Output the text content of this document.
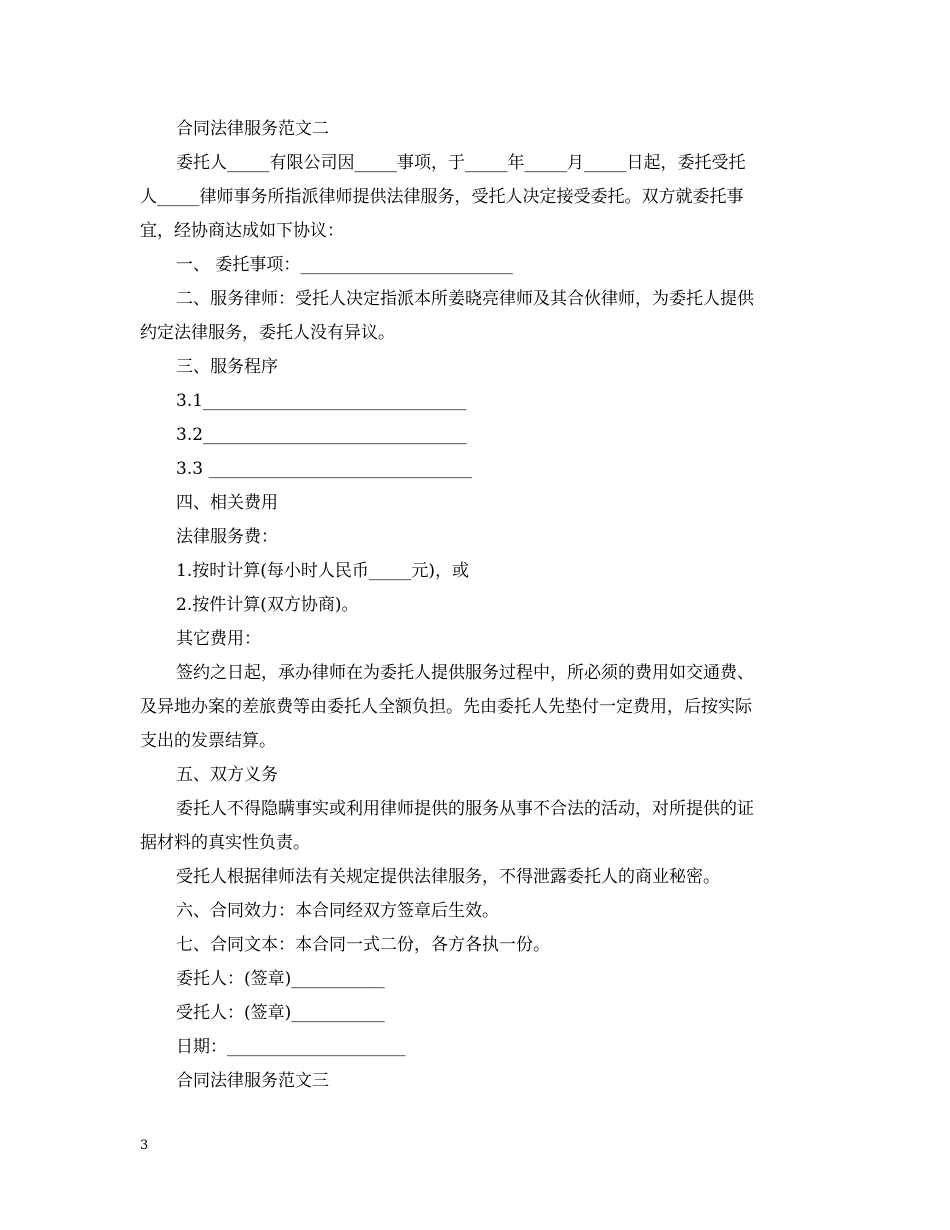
合同法律服务范文二
委托人_____有限公司因_____事项，于_____年_____月_____日起，委托受托
人_____律师事务所指派律师提供法律服务，受托人决定接受委托。双方就委托事
宜，经协商达成如下协议：
一、 委托事项：_________________________
二、服务律师：受托人决定指派本所姜晓亮律师及其合伙律师，为委托人提供
约定法律服务，委托人没有异议。
三、服务程序
3.1_______________________________
3.2_______________________________
3.3 _______________________________
四、相关费用
法律服务费：
1.按时计算(每小时人民币_____元)，或
2.按件计算(双方协商)。
其它费用：
签约之日起，承办律师在为委托人提供服务过程中，所必须的费用如交通费、
及异地办案的差旅费等由委托人全额负担。先由委托人先垫付一定费用，后按实际
支出的发票结算。
五、双方义务
委托人不得隐瞒事实或利用律师提供的服务从事不合法的活动，对所提供的证
据材料的真实性负责。
受托人根据律师法有关规定提供法律服务，不得泄露委托人的商业秘密。
六、合同效力：本合同经双方签章后生效。
七、合同文本：本合同一式二份，各方各执一份。
委托人：(签章)___________
受托人：(签章)___________
日期：_____________________
合同法律服务范文三
3
